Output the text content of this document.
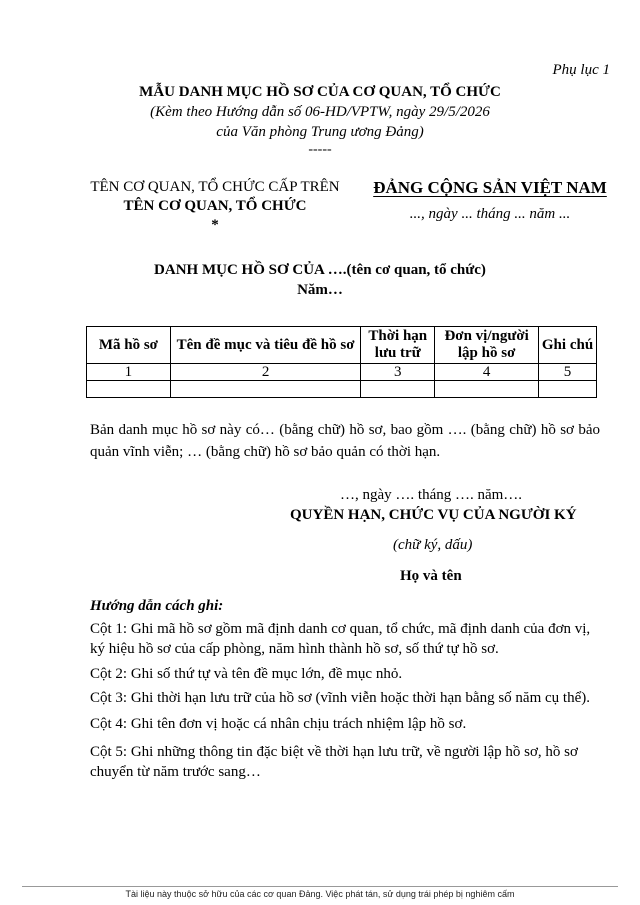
Phụ lục 1
MẪU DANH MỤC HỒ SƠ CỦA CƠ QUAN, TỔ CHỨC
(Kèm theo Hướng dẫn số 06-HD/VPTW, ngày 29/5/2026
của Văn phòng Trung ương Đảng)
-----
TÊN CƠ QUAN, TỔ CHỨC CẤP TRÊN
TÊN CƠ QUAN, TỔ CHỨC
*
ĐẢNG CỘNG SẢN VIỆT NAM
..., ngày ... tháng ... năm ...
DANH MỤC HỒ SƠ CỦA ….(tên cơ quan, tổ chức)
Năm…
Mã hồ sơ	Tên đề mục và tiêu đề hồ sơ	Thời hạn lưu trữ	Đơn vị/người lập hồ sơ	Ghi chú
1	2	3	4	5

Bản danh mục hồ sơ này có… (bằng chữ) hồ sơ, bao gồm …. (bằng chữ) hồ sơ bảo quản vĩnh viễn; … (bằng chữ) hồ sơ bảo quản có thời hạn.
…, ngày …. tháng …. năm….
QUYỀN HẠN, CHỨC VỤ CỦA NGƯỜI KÝ
(chữ ký, dấu)
Họ và tên
Hướng dẫn cách ghi:
Cột 1: Ghi mã hồ sơ gồm mã định danh cơ quan, tổ chức, mã định danh của đơn vị, ký hiệu hồ sơ của cấp phòng, năm hình thành hồ sơ, số thứ tự hồ sơ.
Cột 2: Ghi số thứ tự và tên đề mục lớn, đề mục nhỏ.
Cột 3: Ghi thời hạn lưu trữ của hồ sơ (vĩnh viễn hoặc thời hạn bằng số năm cụ thể).
Cột 4: Ghi tên đơn vị hoặc cá nhân chịu trách nhiệm lập hồ sơ.
Cột 5: Ghi những thông tin đặc biệt về thời hạn lưu trữ, về người lập hồ sơ, hồ sơ chuyển từ năm trước sang…
Tài liệu này thuộc sở hữu của các cơ quan Đảng. Việc phát tán, sử dụng trái phép bị nghiêm cấm
